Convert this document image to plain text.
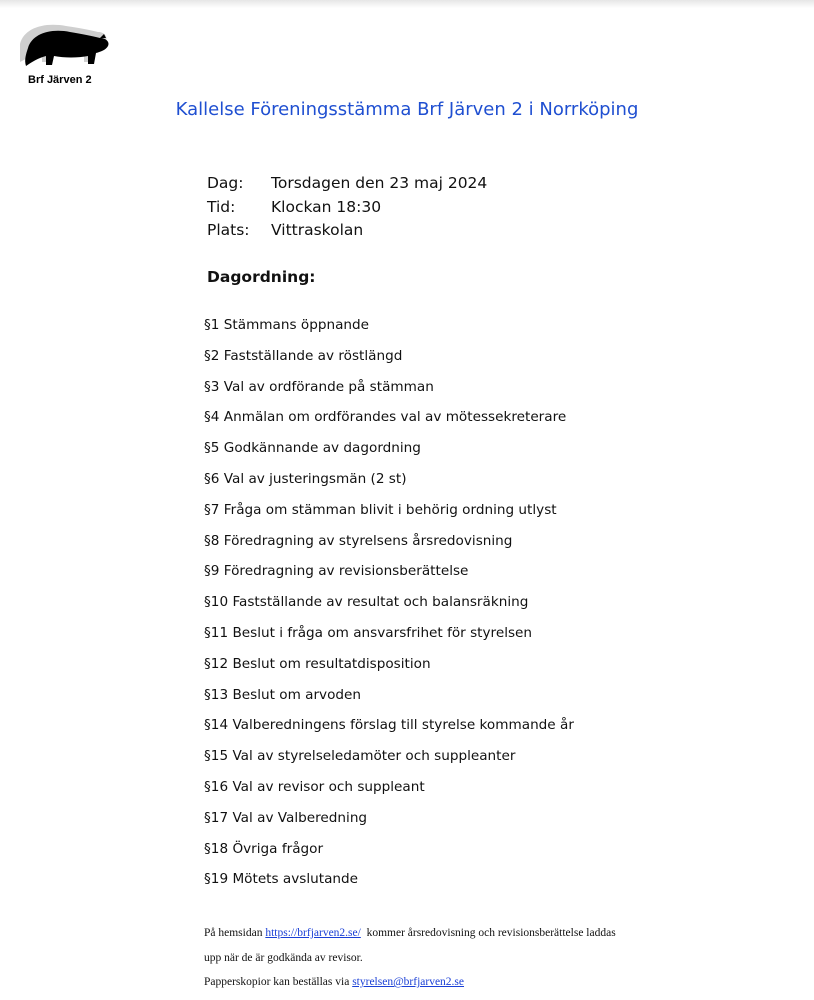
Brf Järven 2
Kallelse Föreningsstämma Brf Järven 2 i Norrköping
Dag: Torsdagen den 23 maj 2024
Tid: Klockan 18:30
Plats: Vittraskolan
Dagordning:
§1 Stämmans öppnande
§2 Fastställande av röstlängd
§3 Val av ordförande på stämman
§4 Anmälan om ordförandes val av mötessekreterare
§5 Godkännande av dagordning
§6 Val av justeringsmän (2 st)
§7 Fråga om stämman blivit i behörig ordning utlyst
§8 Föredragning av styrelsens årsredovisning
§9 Föredragning av revisionsberättelse
§10 Fastställande av resultat och balansräkning
§11 Beslut i fråga om ansvarsfrihet för styrelsen
§12 Beslut om resultatdisposition
§13 Beslut om arvoden
§14 Valberedningens förslag till styrelse kommande år
§15 Val av styrelseledamöter och suppleanter
§16 Val av revisor och suppleant
§17 Val av Valberedning
§18 Övriga frågor
§19 Mötets avslutande
På hemsidan https://brfjarven2.se/  kommer årsredovisning och revisionsberättelse laddas
upp när de är godkända av revisor.
Papperskopior kan beställas via styrelsen@brfjarven2.se
